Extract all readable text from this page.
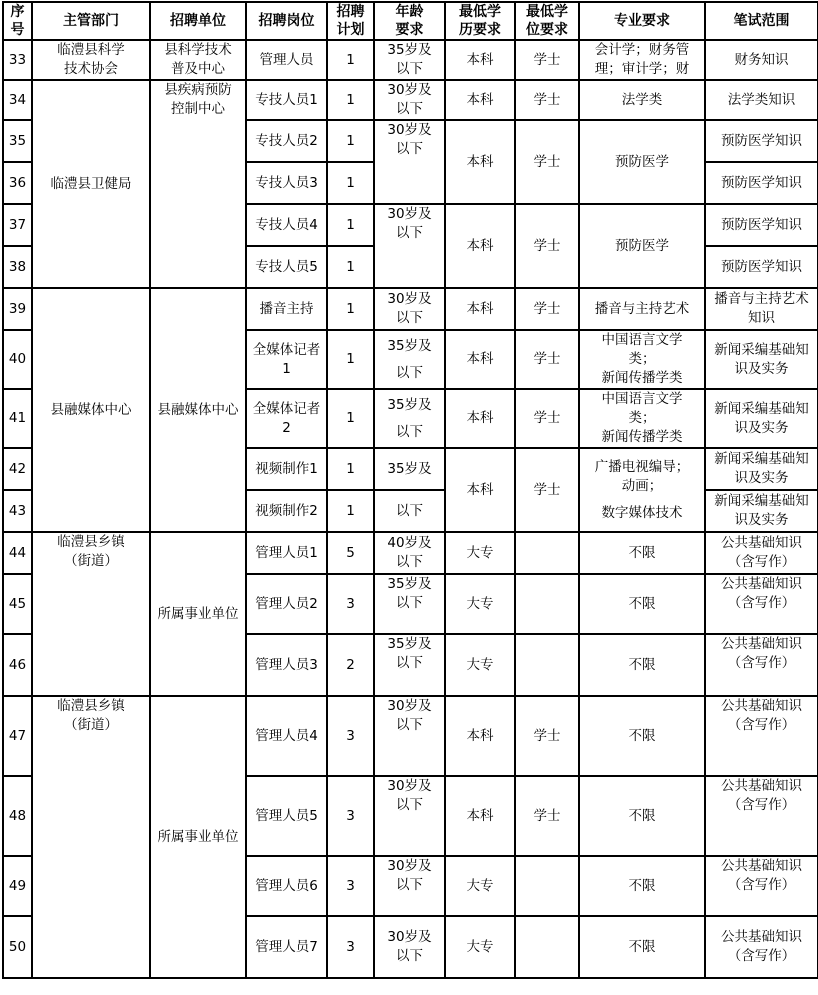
序
号	主管部门	招聘单位	招聘岗位	招聘
计划	年龄
要求	最低学
历要求	最低学
位要求	专业要求	笔试范围
33	临澧县科学
技术协会	县科学技术
普及中心	管理人员	1	35岁及
以下	本科	学士	会计学；财务管
理；审计学；财	财务知识
34	临澧县卫健局	县疾病预防
控制中心	专技人员1	1	30岁及
以下	本科	学士	法学类	法学类知识
35			专技人员2	1	30岁及
以下	本科	学士	预防医学	预防医学知识
36			专技人员3	1					预防医学知识
37			专技人员4	1	30岁及
以下	本科	学士	预防医学	预防医学知识
38			专技人员5	1					预防医学知识
39	县融媒体中心	县融媒体中心	播音主持	1	30岁及
以下	本科	学士	播音与主持艺术	播音与主持艺术
知识

40			全媒体记者
1	1	35岁及
以下	本科	学士	中国语言文学
类；
新闻传播学类	新闻采编基础知
识及实务

41			全媒体记者
2	1	35岁及
以下	本科	学士	中国语言文学
类；
新闻传播学类	新闻采编基础知
识及实务

42			视频制作1	1	35岁及	本科	学士	广播电视编导；
动画；
数字媒体技术	新闻采编基础知
识及实务

43			视频制作2	1	以下				新闻采编基础知
识及实务

44	临澧县乡镇
（街道）	所属事业单位	管理人员1	5	40岁及
以下	大专		不限	公共基础知识
（含写作）

45			管理人员2	3	35岁及
以下	大专		不限	公共基础知识
（含写作）

46			管理人员3	2	35岁及
以下	大专		不限	公共基础知识
（含写作）

47	临澧县乡镇
（街道）	所属事业单位	管理人员4	3	30岁及
以下	本科	学士	不限	公共基础知识
（含写作）

48			管理人员5	3	30岁及
以下	本科	学士	不限	公共基础知识
（含写作）

49			管理人员6	3	30岁及
以下	大专		不限	公共基础知识
（含写作）

50			管理人员7	3	30岁及
以下	大专		不限	公共基础知识
（含写作）
